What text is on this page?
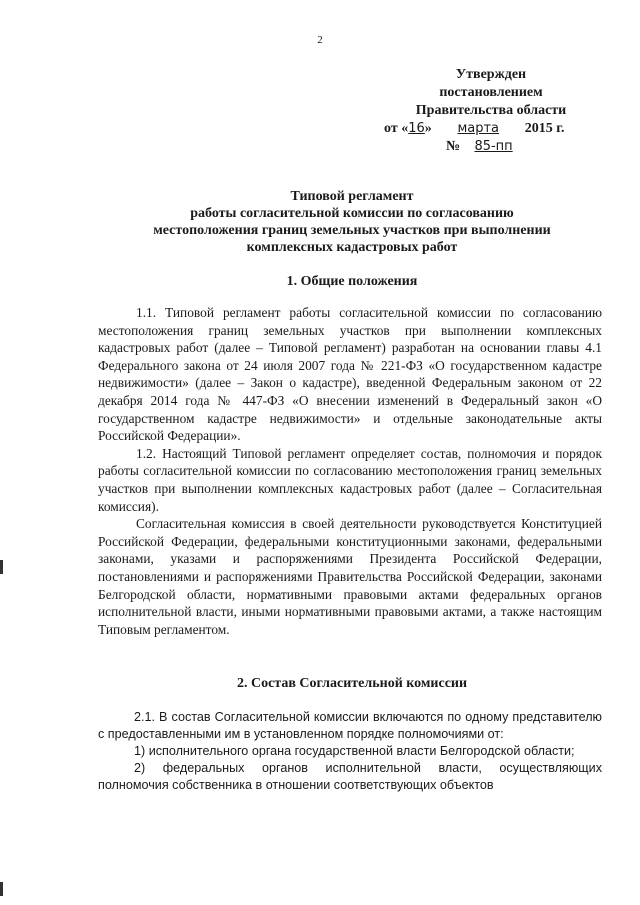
2
Утвержден
постановлением
Правительства области
от «16» марта 2015 г.
№ 85-пп
Типовой регламент
работы согласительной комиссии по согласованию
местоположения границ земельных участков при выполнении
комплексных кадастровых работ
1. Общие положения

1.1. Типовой регламент работы согласительной комиссии по согласованию местоположения границ земельных участков при выполнении комплексных кадастровых работ (далее – Типовой регламент) разработан на основании главы 4.1 Федерального закона от 24 июля 2007 года № 221-ФЗ «О государственном кадастре недвижимости» (далее – Закон о кадастре), введенной Федеральным законом от 22 декабря 2014 года № 447-ФЗ «О внесении изменений в Федеральный закон «О государственном кадастре недвижимости» и отдельные законодательные акты Российской Федерации».

1.2. Настоящий Типовой регламент определяет состав, полномочия и порядок работы согласительной комиссии по согласованию местоположения границ земельных участков при выполнении комплексных кадастровых работ (далее – Согласительная комиссия).

Согласительная комиссия в своей деятельности руководствуется Конституцией Российской Федерации, федеральными конституционными законами, федеральными законами, указами и распоряжениями Президента Российской Федерации, постановлениями и распоряжениями Правительства Российской Федерации, законами Белгородской области, нормативными правовыми актами федеральных органов исполнительной власти, иными нормативными правовыми актами, а также настоящим Типовым регламентом.

2. Состав Согласительной комиссии

2.1. В состав Согласительной комиссии включаются по одному представителю с предоставленными им в установленном порядке полномочиями от:

1) исполнительного органа государственной власти Белгородской области;

2) федеральных органов исполнительной власти, осуществляющих полномочия собственника в отношении соответствующих объектов
